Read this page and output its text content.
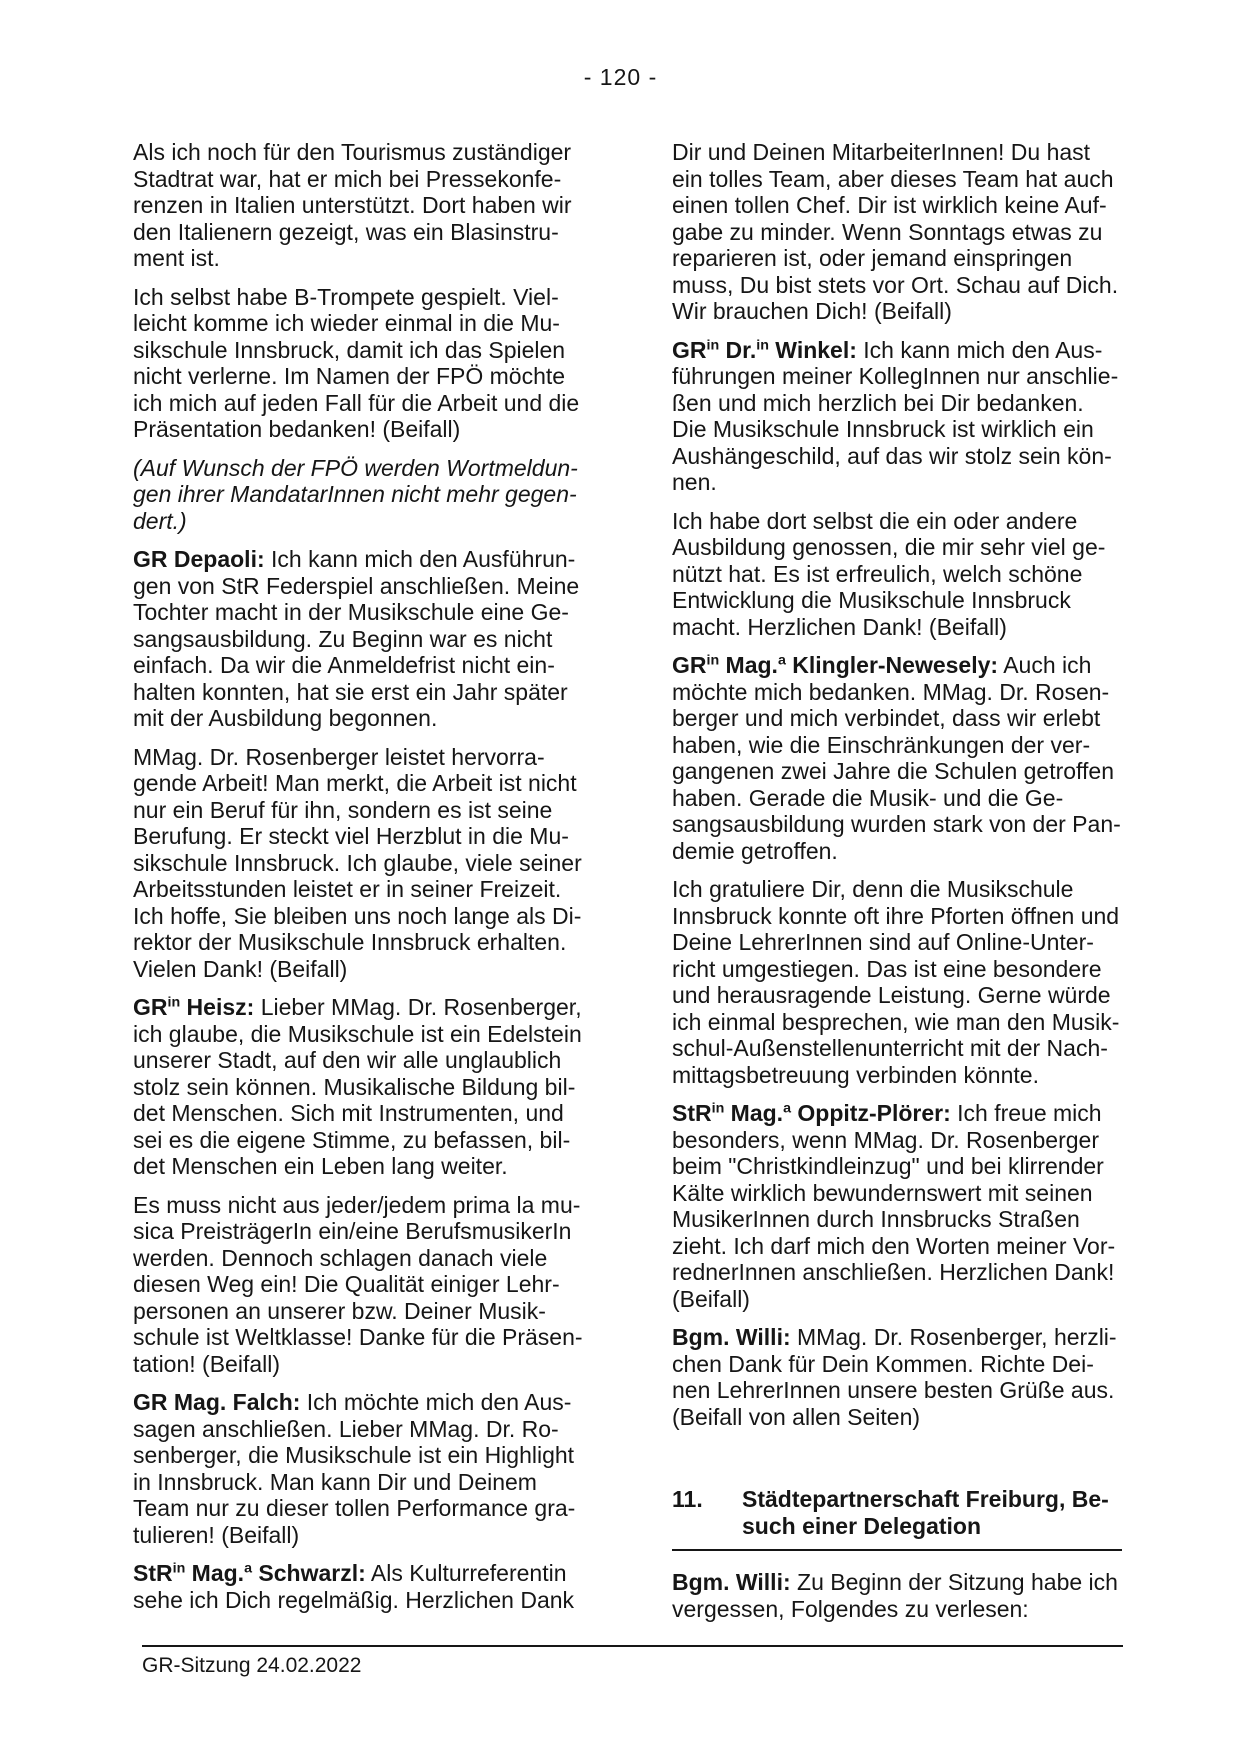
- 120 -

Als ich noch für den Tourismus zuständiger Stadtrat war, hat er mich bei Pressekonferenzen in Italien unterstützt. Dort haben wir den Italienern gezeigt, was ein Blasinstrument ist.

Ich selbst habe B-Trompete gespielt. Vielleicht komme ich wieder einmal in die Musikschule Innsbruck, damit ich das Spielen nicht verlerne. Im Namen der FPÖ möchte ich mich auf jeden Fall für die Arbeit und die Präsentation bedanken! (Beifall)

(Auf Wunsch der FPÖ werden Wortmeldungen ihrer MandatarInnen nicht mehr gegendert.)

GR Depaoli: Ich kann mich den Ausführungen von StR Federspiel anschließen. Meine Tochter macht in der Musikschule eine Gesangsausbildung. Zu Beginn war es nicht einfach. Da wir die Anmeldefrist nicht einhalten konnten, hat sie erst ein Jahr später mit der Ausbildung begonnen.

MMag. Dr. Rosenberger leistet hervorragende Arbeit! Man merkt, die Arbeit ist nicht nur ein Beruf für ihn, sondern es ist seine Berufung. Er steckt viel Herzblut in die Musikschule Innsbruck. Ich glaube, viele seiner Arbeitsstunden leistet er in seiner Freizeit. Ich hoffe, Sie bleiben uns noch lange als Direktor der Musikschule Innsbruck erhalten. Vielen Dank! (Beifall)

$GR^{in}$ Heisz: Lieber MMag. Dr. Rosenberger, ich glaube, die Musikschule ist ein Edelstein unserer Stadt, auf den wir alle unglaublich stolz sein können. Musikalische Bildung bildet Menschen. Sich mit Instrumenten, und sei es die eigene Stimme, zu befassen, bildet Menschen ein Leben lang weiter.

Es muss nicht aus jeder/jedem prima la musica PreisträgerIn ein/eine BerufsmusikerIn werden. Dennoch schlagen danach viele diesen Weg ein! Die Qualität einiger Lehrpersonen an unserer bzw. Deiner Musikschule ist Weltklasse! Danke für die Präsentation! (Beifall)

GR Mag. Falch: Ich möchte mich den Aussagen anschließen. Lieber MMag. Dr. Rosenberger, die Musikschule ist ein Highlight in Innsbruck. Man kann Dir und Deinem Team nur zu dieser tollen Performance gratulieren! (Beifall)

StR$^{in}$ Mag.$^a$ Schwarzl: Als Kulturreferentin sehe ich Dich regelmäßig. Herzlichen Dank

Dir und Deinen MitarbeiterInnen! Du hast ein tolles Team, aber dieses Team hat auch einen tollen Chef. Dir ist wirklich keine Aufgabe zu minder. Wenn Sonntags etwas zu reparieren ist, oder jemand einspringen muss, Du bist stets vor Ort. Schau auf Dich. Wir brauchen Dich! (Beifall)

$GR^{in}$ Dr.$^{in}$ Winkel: Ich kann mich den Ausführungen meiner KollegInnen nur anschließen und mich herzlich bei Dir bedanken. Die Musikschule Innsbruck ist wirklich ein Aushängeschild, auf das wir stolz sein können.

Ich habe dort selbst die ein oder andere Ausbildung genossen, die mir sehr viel genützt hat. Es ist erfreulich, welch schöne Entwicklung die Musikschule Innsbruck macht. Herzlichen Dank! (Beifall)

$GR^{in}$ Mag.$^a$ Klingler-Newesely: Auch ich möchte mich bedanken. MMag. Dr. Rosenberger und mich verbindet, dass wir erlebt haben, wie die Einschränkungen der vergangenen zwei Jahre die Schulen getroffen haben. Gerade die Musik- und die Gesangsausbildung wurden stark von der Pandemie getroffen.

Ich gratuliere Dir, denn die Musikschule Innsbruck konnte oft ihre Pforten öffnen und Deine LehrerInnen sind auf Online-Unterricht umgestiegen. Das ist eine besondere und herausragende Leistung. Gerne würde ich einmal besprechen, wie man den Musikschul-Außenstellenunterricht mit der Nachmittagsbetreuung verbinden könnte.

StR$^{in}$ Mag.$^a$ Oppitz-Plörer: Ich freue mich besonders, wenn MMag. Dr. Rosenberger beim "Christkindleinzug" und bei klirrender Kälte wirklich bewundernswert mit seinen MusikerInnen durch Innsbrucks Straßen zieht. Ich darf mich den Worten meiner VorrednerInnen anschließen. Herzlichen Dank! (Beifall)

Bgm. Willi: MMag. Dr. Rosenberger, herzlichen Dank für Dein Kommen. Richte Deinen LehrerInnen unsere besten Grüße aus. (Beifall von allen Seiten)

11.	Städtepartnerschaft Freiburg, Besuch einer Delegation

Bgm. Willi: Zu Beginn der Sitzung habe ich vergessen, Folgendes zu verlesen:

GR-Sitzung 24.02.2022
